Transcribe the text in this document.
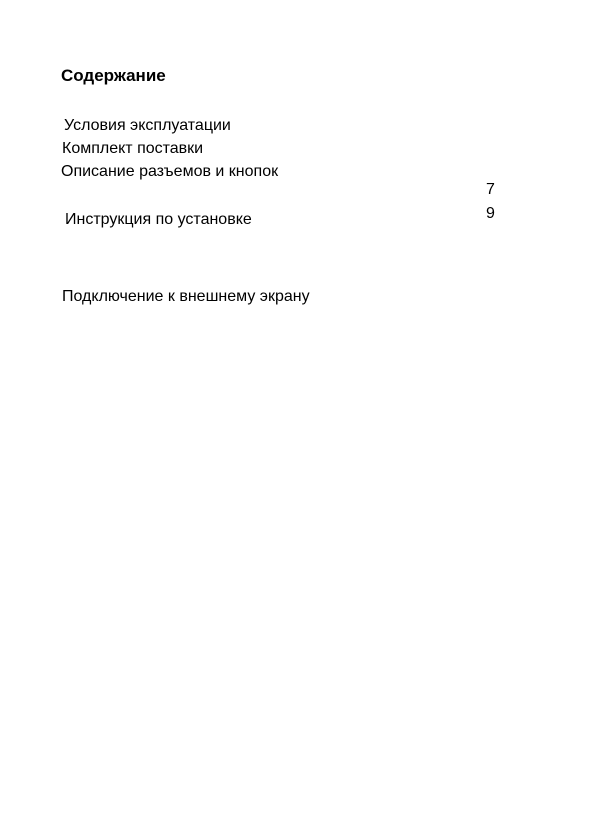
Содержание
Условия эксплуатации
Комплект поставки
Описание разъемов и кнопок
Инструкция по установке
Подключение к внешнему экрану
7
9
